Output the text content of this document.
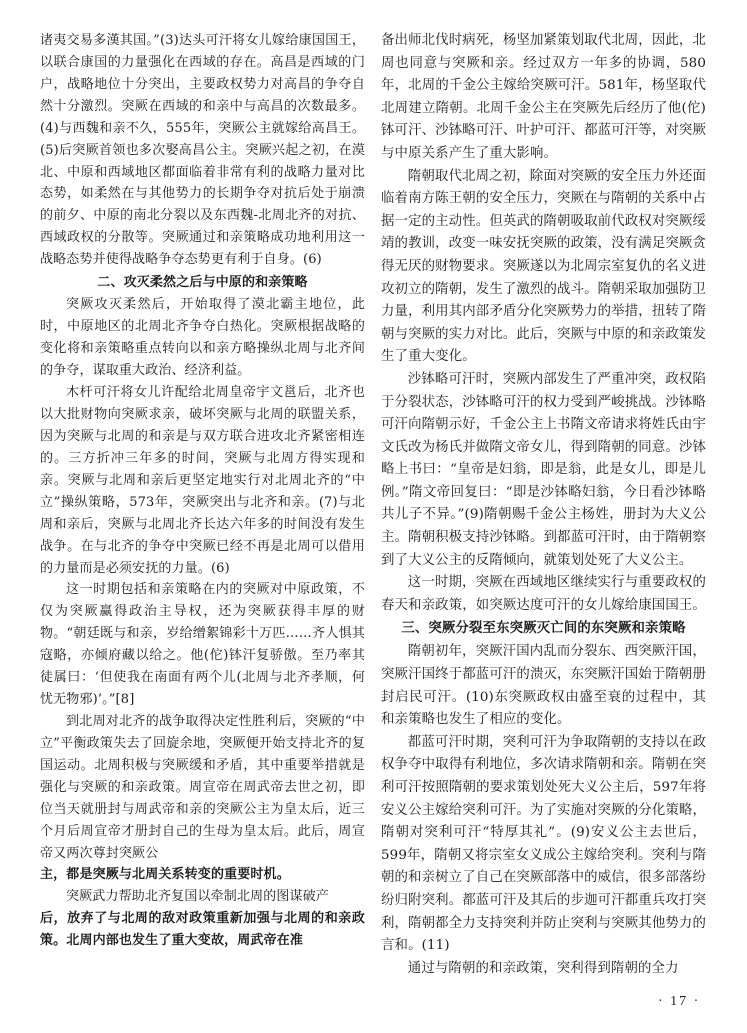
诸夷交易多漢其国。”(3)达头可汗将女儿嫁给康国国王，以联合康国的力量强化在西域的存在。高昌是西域的门户，战略地位十分突出，主要政权势力对高昌的争夺自然十分激烈。突厥在西域的和亲中与高昌的次数最多。(4)与西魏和亲不久，555年，突厥公主就嫁给高昌王。(5)后突厥首领也多次娶高昌公主。突厥兴起之初，在漠北、中原和西域地区都面临着非常有利的战略力量对比态势，如柔然在与其他势力的长期争夺对抗后处于崩溃的前夕、中原的南北分裂以及东西魏-北周北齐的对抗、西域政权的分散等。突厥通过和亲策略成功地利用这一战略态势并使得战略争夺态势更有利于自身。(6)

二、攻灭柔然之后与中原的和亲策略

突厥攻灭柔然后，开始取得了漠北霸主地位，此时，中原地区的北周北齐争夺白热化。突厥根据战略的变化将和亲策略重点转向以和亲方略操纵北周与北齐间的争夺，谋取重大政治、经济利益。

木杆可汗将女儿许配给北周皇帝宇文邕后，北齐也以大批财物向突厥求亲，破坏突厥与北周的联盟关系，因为突厥与北周的和亲是与双方联合进攻北齐紧密相连的。三方折冲三年多的时间，突厥与北周方得实现和亲。突厥与北周和亲后更坚定地实行对北周北齐的“中立”操纵策略，573年，突厥突出与北齐和亲。(7)与北周和亲后，突厥与北周北齐长达六年多的时间没有发生战争。在与北齐的争夺中突厥已经不再是北周可以借用的力量而是必须安抚的力量。(6)

这一时期包括和亲策略在内的突厥对中原政策，不仅为突厥赢得政治主导权，还为突厥获得丰厚的财物。“朝廷既与和亲，岁给缯絮锦彩十万匹……齐人惧其寇略，亦倾府藏以给之。他(佗)钵汗复骄傲。至乃率其徒属曰：‘但使我在南面有两个儿(北周与北齐孝顺，何忧无物邪)’。”[8]

到北周对北齐的战争取得决定性胜利后，突厥的“中立”平衡政策失去了回旋余地，突厥便开始支持北齐的复国运动。北周积极与突厥缓和矛盾，其中重要举措就是强化与突厥的和亲政策。周宣帝在周武帝去世之初，即位当天就册封与周武帝和亲的突厥公主为皇太后，近三个月后周宣帝才册封自己的生母为皇太后。此后，周宣帝又两次尊封突厥公

主，都是突厥与北周关系转变的重要时机。

突厥武力帮助北齐复国以牵制北周的图谋破产

后，放弃了与北周的敌对政策重新加强与北周的和亲政策。北周内部也发生了重大变故，周武帝在准

备出师北伐时病死，杨坚加紧策划取代北周，因此，北周也同意与突厥和亲。经过双方一年多的协调，580年，北周的千金公主嫁给突厥可汗。581年，杨坚取代北周建立隋朝。北周千金公主在突厥先后经历了他(佗)钵可汗、沙钵略可汗、叶护可汗、都蓝可汗等，对突厥与中原关系产生了重大影响。

隋朝取代北周之初，除面对突厥的安全压力外还面临着南方陈王朝的安全压力，突厥在与隋朝的关系中占据一定的主动性。但英武的隋朝吸取前代政权对突厥绥靖的教训，改变一味安抚突厥的政策，没有满足突厥贪得无厌的财物要求。突厥遂以为北周宗室复仇的名义进攻初立的隋朝，发生了激烈的战斗。隋朝采取加强防卫力量，利用其内部矛盾分化突厥势力的举措，扭转了隋朝与突厥的实力对比。此后，突厥与中原的和亲政策发生了重大变化。

沙钵略可汗时，突厥内部发生了严重冲突，政权陷于分裂状态，沙钵略可汗的权力受到严峻挑战。沙钵略可汗向隋朝示好，千金公主上书隋文帝请求将姓氏由宇文氏改为杨氏并做隋文帝女儿，得到隋朝的同意。沙钵略上书曰：“皇帝是妇翁，即是翁，此是女儿，即是儿例。”隋文帝回复曰：“即是沙钵略妇翁，今日看沙钵略共儿子不异。”(9)隋朝赐千金公主杨姓，册封为大义公主。隋朝积极支持沙钵略。到都蓝可汗时，由于隋朝察到了大义公主的反隋倾向，就策划处死了大义公主。

这一时期，突厥在西域地区继续实行与重要政权的春天和亲政策，如突厥达度可汗的女儿嫁给康国国王。

三、突厥分裂至东突厥灭亡间的东突厥和亲策略

隋朝初年，突厥汗国内乱而分裂东、西突厥汗国，突厥汗国终于都蓝可汗的溃灭，东突厥汗国始于隋朝册封启民可汗。(10)东突厥政权由盛至衰的过程中，其和亲策略也发生了相应的变化。

都蓝可汗时期，突利可汗为争取隋朝的支持以在政权争夺中取得有利地位，多次请求隋朝和亲。隋朝在突利可汗按照隋朝的要求策划处死大义公主后，597年将安义公主嫁给突利可汗。为了实施对突厥的分化策略，隋朝对突利可汗“特厚其礼”。(9)安义公主去世后，599年，隋朝又将宗室女义成公主嫁给突利。突利与隋朝的和亲树立了自己在突厥部落中的威信，很多部落纷纷归附突利。都蓝可汗及其后的步迦可汗都重兵攻打突利，隋朝都全力支持突利并防止突利与突厥其他势力的言和。(11)

通过与隋朝的和亲政策，突利得到隋朝的全力

· 17 ·
